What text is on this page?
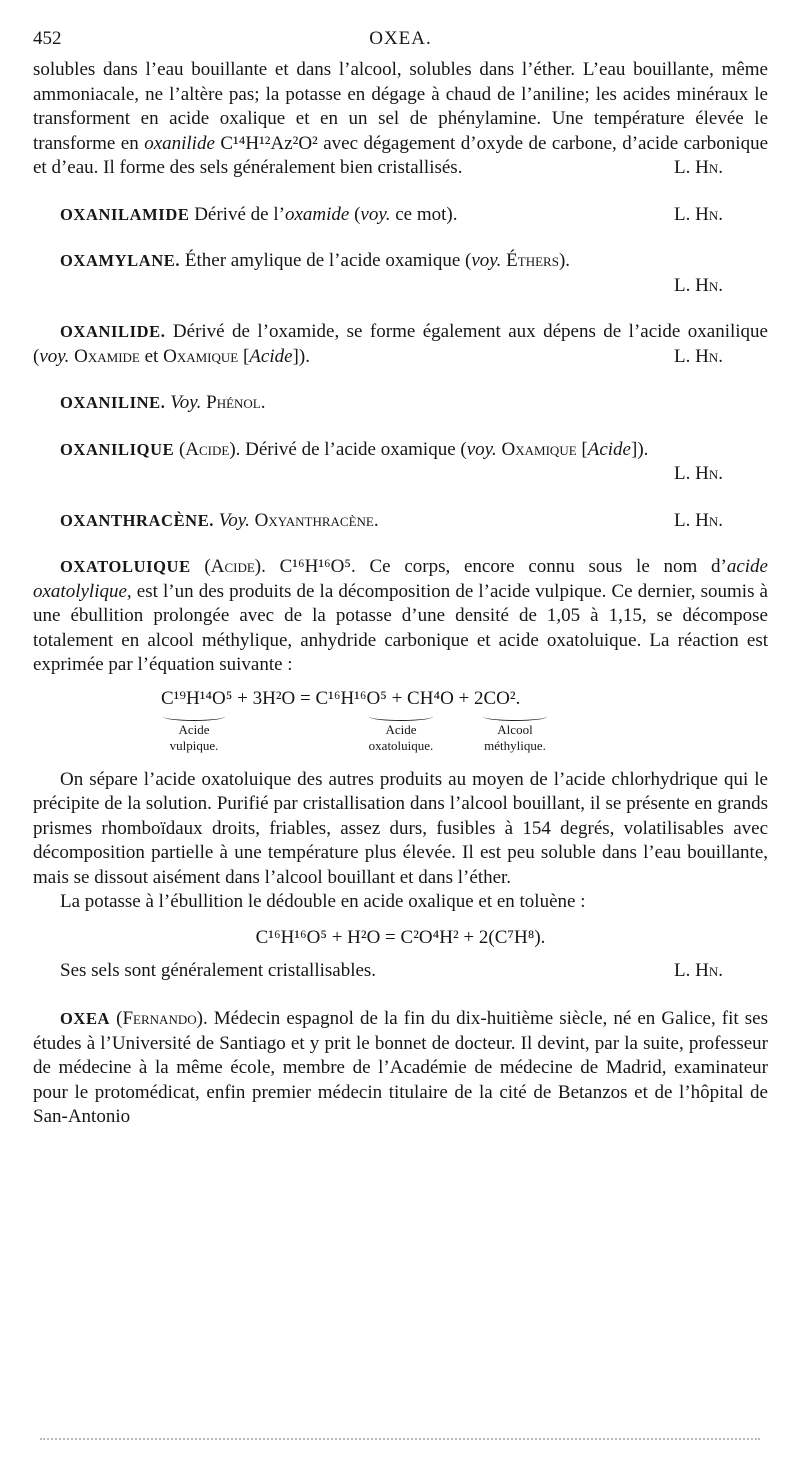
452	OXEA.

solubles dans l’eau bouillante et dans l’alcool, solubles dans l’éther. L’eau bouillante, même ammoniacale, ne l’altère pas; la potasse en dégage à chaud de l’aniline; les acides minéraux le transforment en acide oxalique et en un sel de phénylamine. Une température élevée le transforme en oxanilide C¹⁴H¹²Az²O² avec dégagement d’oxyde de carbone, d’acide carbonique et d’eau. Il forme des sels généralement bien cristallisés.	L. Hn.

OXANILAMIDE Dérivé de l’oxamide (voy. ce mot).	L. Hn.

OXAMYLANE. Éther amylique de l’acide oxamique (voy. Éthers).

L. Hn.

OXANILIDE. Dérivé de l’oxamide, se forme également aux dépens de l’acide oxanilique (voy. Oxamide et Oxamique [Acide]).	L. Hn.

OXANILINE. Voy. Phénol.

OXANILIQUE (Acide). Dérivé de l’acide oxamique (voy. Oxamique [Acide]).

L. Hn.

OXANTHRACÈNE. Voy. Oxyanthracène.	L. Hn.

OXATOLUIQUE (Acide). C¹⁶H¹⁶O⁵. Ce corps, encore connu sous le nom d’acide oxatolylique, est l’un des produits de la décomposition de l’acide vulpique. Ce dernier, soumis à une ébullition prolongée avec de la potasse d’une densité de 1,05 à 1,15, se décompose totalement en alcool méthylique, anhydride carbonique et acide oxatoluique. La réaction est exprimée par l’équation suivante :

C¹⁹H¹⁴O⁵ + 3H²O = C¹⁶H¹⁶O⁵ + CH⁴O + 2CO².
Acide
vulpique.
Acide
oxatoluique.
Alcool
méthylique.

On sépare l’acide oxatoluique des autres produits au moyen de l’acide chlorhydrique qui le précipite de la solution. Purifié par cristallisation dans l’alcool bouillant, il se présente en grands prismes rhomboïdaux droits, friables, assez durs, fusibles à 154 degrés, volatilisables avec décomposition partielle à une température plus élevée. Il est peu soluble dans l’eau bouillante, mais se dissout aisément dans l’alcool bouillant et dans l’éther.

La potasse à l’ébullition le dédouble en acide oxalique et en toluène :

C¹⁶H¹⁶O⁵ + H²O = C²O⁴H² + 2(C⁷H⁸).

Ses sels sont généralement cristallisables.	L. Hn.

OXEA (Fernando). Médecin espagnol de la fin du dix-huitième siècle, né en Galice, fit ses études à l’Université de Santiago et y prit le bonnet de docteur. Il devint, par la suite, professeur de médecine à la même école, membre de l’Académie de médecine de Madrid, examinateur pour le protomédicat, enfin premier médecin titulaire de la cité de Betanzos et de l’hôpital de San-Antonio
